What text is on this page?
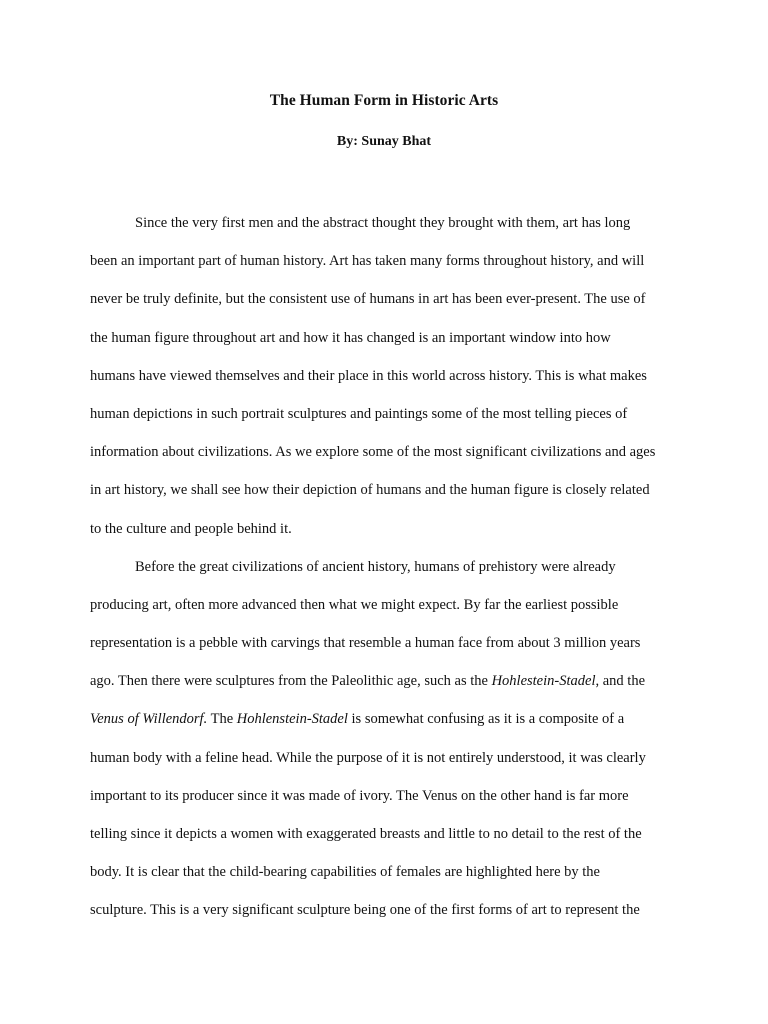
The Human Form in Historic Arts
By: Sunay Bhat
Since the very first men and the abstract thought they brought with them, art has long
been an important part of human history. Art has taken many forms throughout history, and will
never be truly definite, but the consistent use of humans in art has been ever-present. The use of
the human figure throughout art and how it has changed is an important window into how
humans have viewed themselves and their place in this world across history. This is what makes
human depictions in such portrait sculptures and paintings some of the most telling pieces of
information about civilizations. As we explore some of the most significant civilizations and ages
in art history, we shall see how their depiction of humans and the human figure is closely related
to the culture and people behind it.
Before the great civilizations of ancient history, humans of prehistory were already
producing art, often more advanced then what we might expect. By far the earliest possible
representation is a pebble with carvings that resemble a human face from about 3 million years
ago. Then there were sculptures from the Paleolithic age, such as the Hohlestein-Stadel, and the
Venus of Willendorf. The Hohlenstein-Stadel is somewhat confusing as it is a composite of a
human body with a feline head. While the purpose of it is not entirely understood, it was clearly
important to its producer since it was made of ivory. The Venus on the other hand is far more
telling since it depicts a women with exaggerated breasts and little to no detail to the rest of the
body. It is clear that the child-bearing capabilities of females are highlighted here by the
sculpture. This is a very significant sculpture being one of the first forms of art to represent the
